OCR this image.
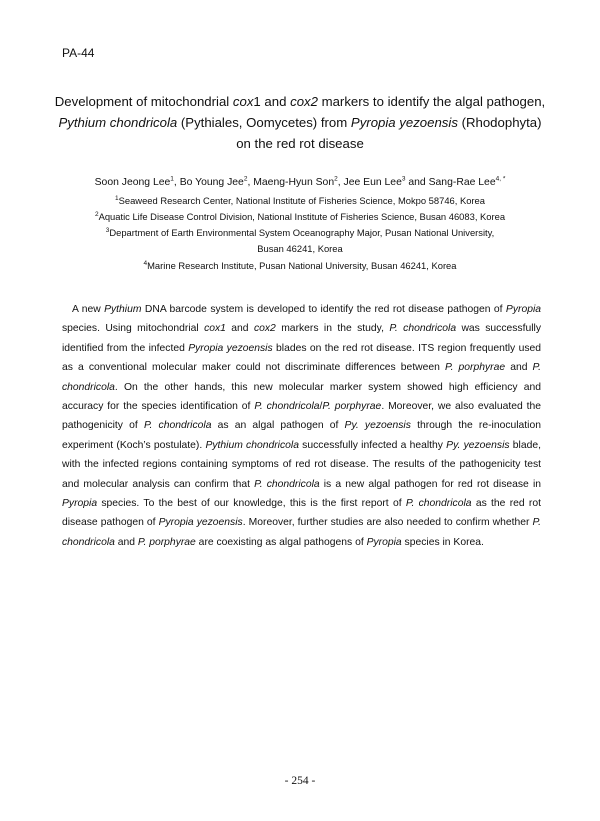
PA-44
Development of mitochondrial cox1 and cox2 markers to identify the algal pathogen,
Pythium chondricola (Pythiales, Oomycetes) from Pyropia yezoensis (Rhodophyta)
on the red rot disease
Soon Jeong Lee$^1$, Bo Young Jee$^2$, Maeng-Hyun Son$^2$, Jee Eun Lee$^3$ and Sang-Rae Lee$^{4, *}$
$^1$Seaweed Research Center, National Institute of Fisheries Science, Mokpo 58746, Korea
$^2$Aquatic Life Disease Control Division, National Institute of Fisheries Science, Busan 46083, Korea
$^3$Department of Earth Environmental System Oceanography Major, Pusan National University,
Busan 46241, Korea
$^4$Marine Research Institute, Pusan National University, Busan 46241, Korea
A new Pythium DNA barcode system is developed to identify the red rot disease pathogen of Pyropia species. Using mitochondrial cox1 and cox2 markers in the study, P. chondricola was successfully identified from the infected Pyropia yezoensis blades on the red rot disease. ITS region frequently used as a conventional molecular maker could not discriminate differences between P. porphyrae and P. chondricola. On the other hands, this new molecular marker system showed high efficiency and accuracy for the species identification of P. chondricola/P. porphyrae. Moreover, we also evaluated the pathogenicity of P. chondricola as an algal pathogen of Py. yezoensis through the re-inoculation experiment (Koch’s postulate). Pythium chondricola successfully infected a healthy Py. yezoensis blade, with the infected regions containing symptoms of red rot disease. The results of the pathogenicity test and molecular analysis can confirm that P. chondricola is a new algal pathogen for red rot disease in Pyropia species. To the best of our knowledge, this is the first report of P. chondricola as the red rot disease pathogen of Pyropia yezoensis. Moreover, further studies are also needed to confirm whether P. chondricola and P. porphyrae are coexisting as algal pathogens of Pyropia species in Korea.
- 254 -
